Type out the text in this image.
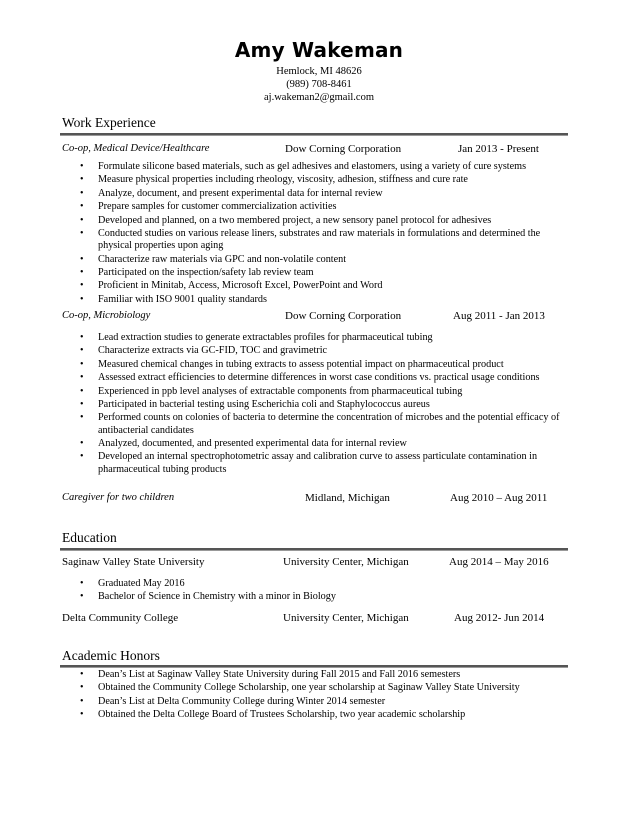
Amy Wakeman
Hemlock, MI 48626
(989) 708-8461
aj.wakeman2@gmail.com
Work Experience
Co-op, Medical Device/Healthcare	Dow Corning Corporation	Jan 2013 - Present
• Formulate silicone based materials, such as gel adhesives and elastomers, using a variety of cure systems
• Measure physical properties including rheology, viscosity, adhesion, stiffness and cure rate
• Analyze, document, and present experimental data for internal review
• Prepare samples for customer commercialization activities
• Developed and planned, on a two membered project, a new sensory panel protocol for adhesives
• Conducted studies on various release liners, substrates and raw materials in formulations and determined the physical properties upon aging
• Characterize raw materials via GPC and non-volatile content
• Participated on the inspection/safety lab review team
• Proficient in Minitab, Access, Microsoft Excel, PowerPoint and Word
• Familiar with ISO 9001 quality standards
Co-op, Microbiology	Dow Corning Corporation	Aug 2011 - Jan 2013
• Lead extraction studies to generate extractables profiles for pharmaceutical tubing
• Characterize extracts via GC-FID, TOC and gravimetric
• Measured chemical changes in tubing extracts to assess potential impact on pharmaceutical product
• Assessed extract efficiencies to determine differences in worst case conditions vs. practical usage conditions
• Experienced in ppb level analyses of extractable components from pharmaceutical tubing
• Participated in bacterial testing using Escherichia coli and Staphylococcus aureus
• Performed counts on colonies of bacteria to determine the concentration of microbes and the potential efficacy of antibacterial candidates
• Analyzed, documented, and presented experimental data for internal review
• Developed an internal spectrophotometric assay and calibration curve to assess particulate contamination in pharmaceutical tubing products
Caregiver for two children	Midland, Michigan	Aug 2010 – Aug 2011
Education
Saginaw Valley State University	University Center, Michigan	Aug 2014 – May 2016
• Graduated May 2016
• Bachelor of Science in Chemistry with a minor in Biology
Delta Community College	University Center, Michigan	Aug 2012- Jun 2014
Academic Honors
• Dean’s List at Saginaw Valley State University during Fall 2015 and Fall 2016 semesters
• Obtained the Community College Scholarship, one year scholarship at Saginaw Valley State University
• Dean’s List at Delta Community College during Winter 2014 semester
• Obtained the Delta College Board of Trustees Scholarship, two year academic scholarship
